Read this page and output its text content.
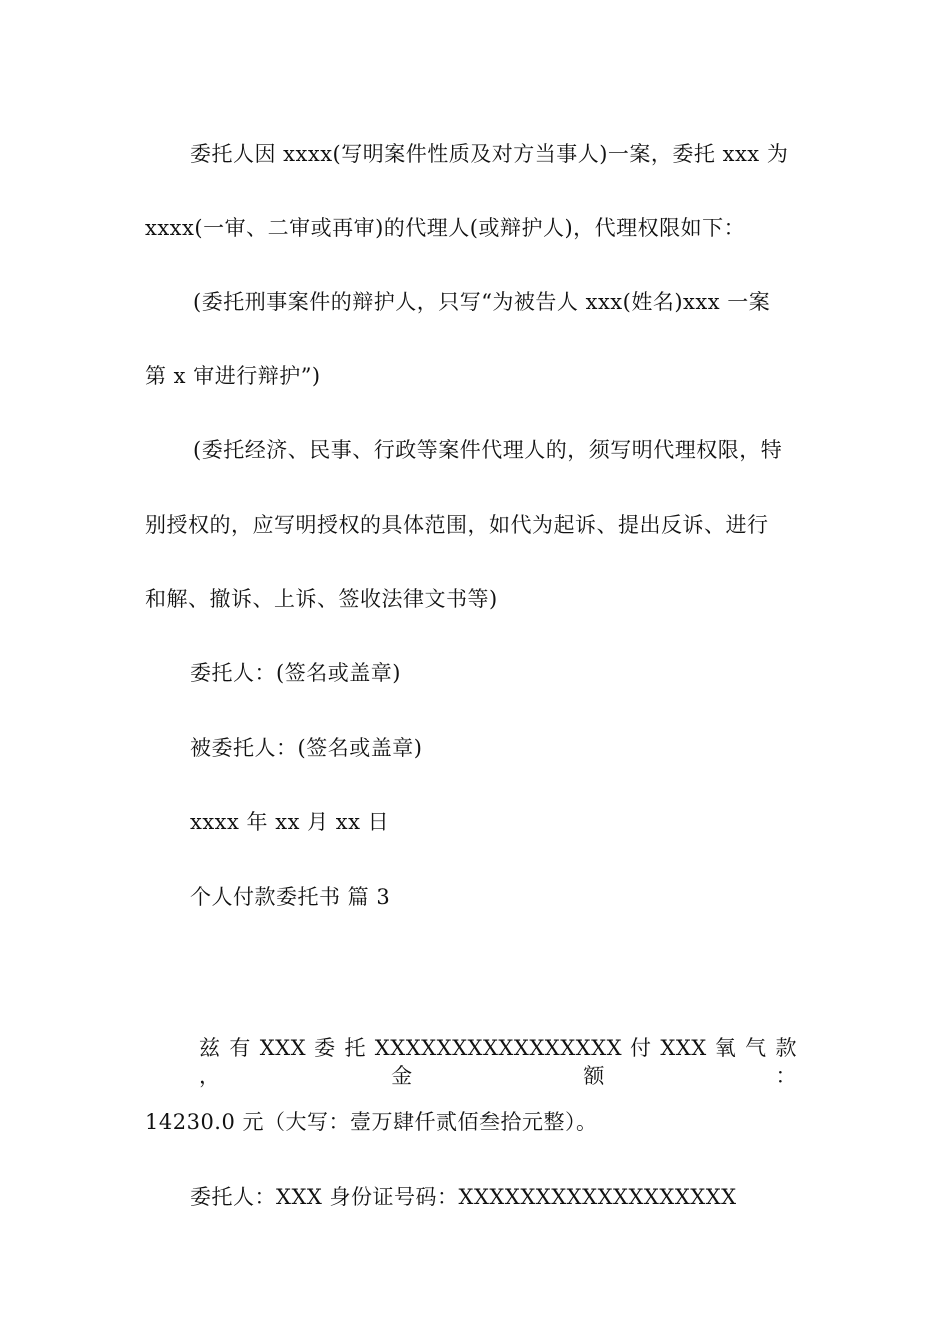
委托人因 xxxx(写明案件性质及对方当事人)一案，委托 xxx 为
xxxx(一审、二审或再审)的代理人(或辩护人)，代理权限如下：
(委托刑事案件的辩护人，只写“为被告人 xxx(姓名)xxx 一案
第 x 审进行辩护”)
(委托经济、民事、行政等案件代理人的，须写明代理权限，特
别授权的，应写明授权的具体范围，如代为起诉、提出反诉、进行
和解、撤诉、上诉、签收法律文书等)
委托人：(签名或盖章)
被委托人：(签名或盖章)
xxxx 年 xx 月 xx 日
个人付款委托书 篇 3
兹 有 XXX 委 托 XXXXXXXXXXXXXXXX 付 XXX 氧 气 款 ， 金 额 ：
14230.0 元（大写：壹万肆仟贰佰叁拾元整）。
委托人：XXX 身份证号码：XXXXXXXXXXXXXXXXXX
